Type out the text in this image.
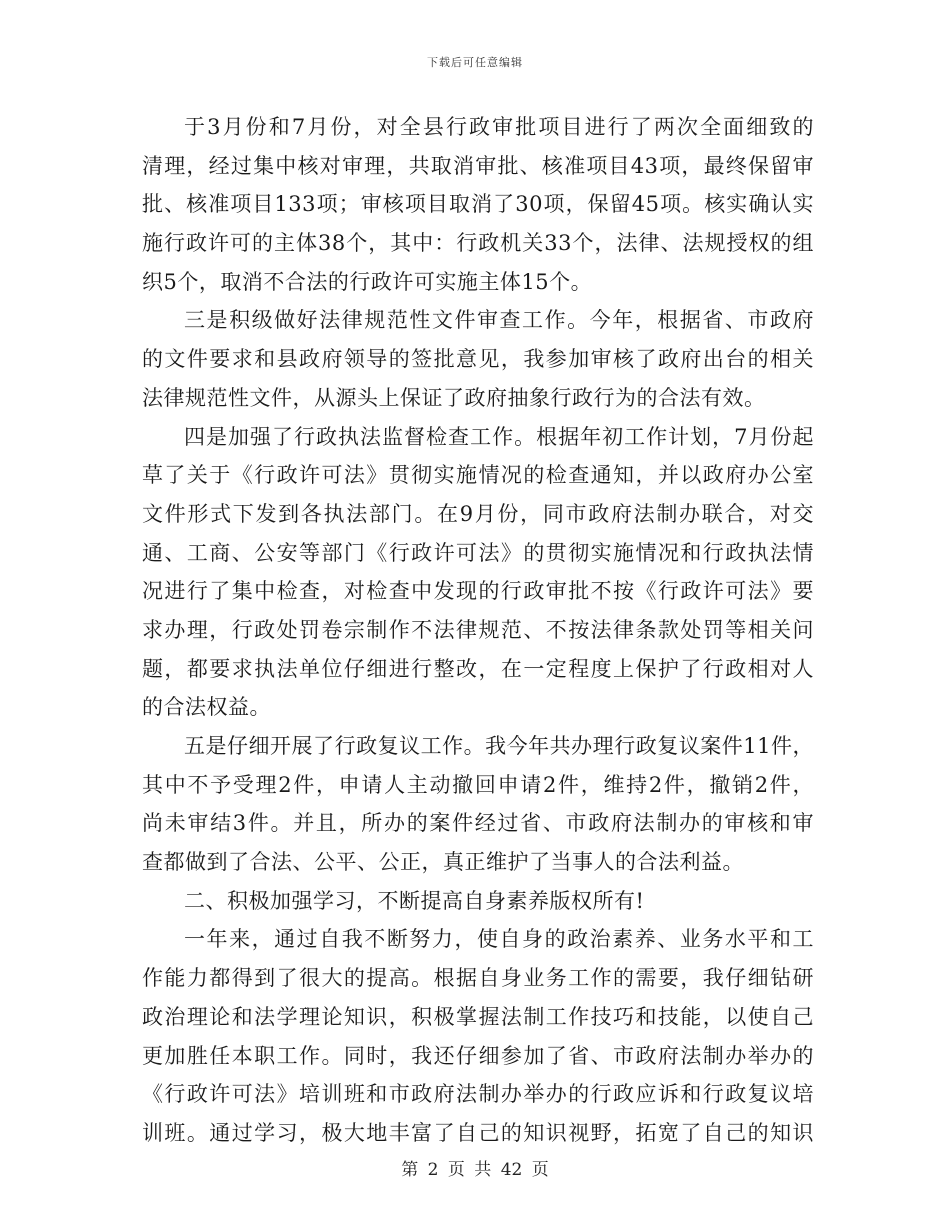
下载后可任意编辑
于3月份和7月份，对全县行政审批项目进行了两次全面细致的
清理，经过集中核对审理，共取消审批、核准项目43项，最终保留审
批、核准项目133项；审核项目取消了30项，保留45项。核实确认实
施行政许可的主体38个，其中：行政机关33个，法律、法规授权的组
织5个，取消不合法的行政许可实施主体15个。
三是积级做好法律规范性文件审查工作。今年，根据省、市政府
的文件要求和县政府领导的签批意见，我参加审核了政府出台的相关
法律规范性文件，从源头上保证了政府抽象行政行为的合法有效。
四是加强了行政执法监督检查工作。根据年初工作计划，7月份起
草了关于《行政许可法》贯彻实施情况的检查通知，并以政府办公室
文件形式下发到各执法部门。在9月份，同市政府法制办联合，对交
通、工商、公安等部门《行政许可法》的贯彻实施情况和行政执法情
况进行了集中检查，对检查中发现的行政审批不按《行政许可法》要
求办理，行政处罚卷宗制作不法律规范、不按法律条款处罚等相关问
题，都要求执法单位仔细进行整改，在一定程度上保护了行政相对人
的合法权益。
五是仔细开展了行政复议工作。我今年共办理行政复议案件11件，
其中不予受理2件，申请人主动撤回申请2件，维持2件，撤销2件，
尚未审结3件。并且，所办的案件经过省、市政府法制办的审核和审
查都做到了合法、公平、公正，真正维护了当事人的合法利益。
二、积极加强学习，不断提高自身素养版权所有!
一年来，通过自我不断努力，使自身的政治素养、业务水平和工
作能力都得到了很大的提高。根据自身业务工作的需要，我仔细钻研
政治理论和法学理论知识，积极掌握法制工作技巧和技能，以使自己
更加胜任本职工作。同时，我还仔细参加了省、市政府法制办举办的
《行政许可法》培训班和市政府法制办举办的行政应诉和行政复议培
训班。通过学习，极大地丰富了自己的知识视野，拓宽了自己的知识
第 2 页 共 42 页
